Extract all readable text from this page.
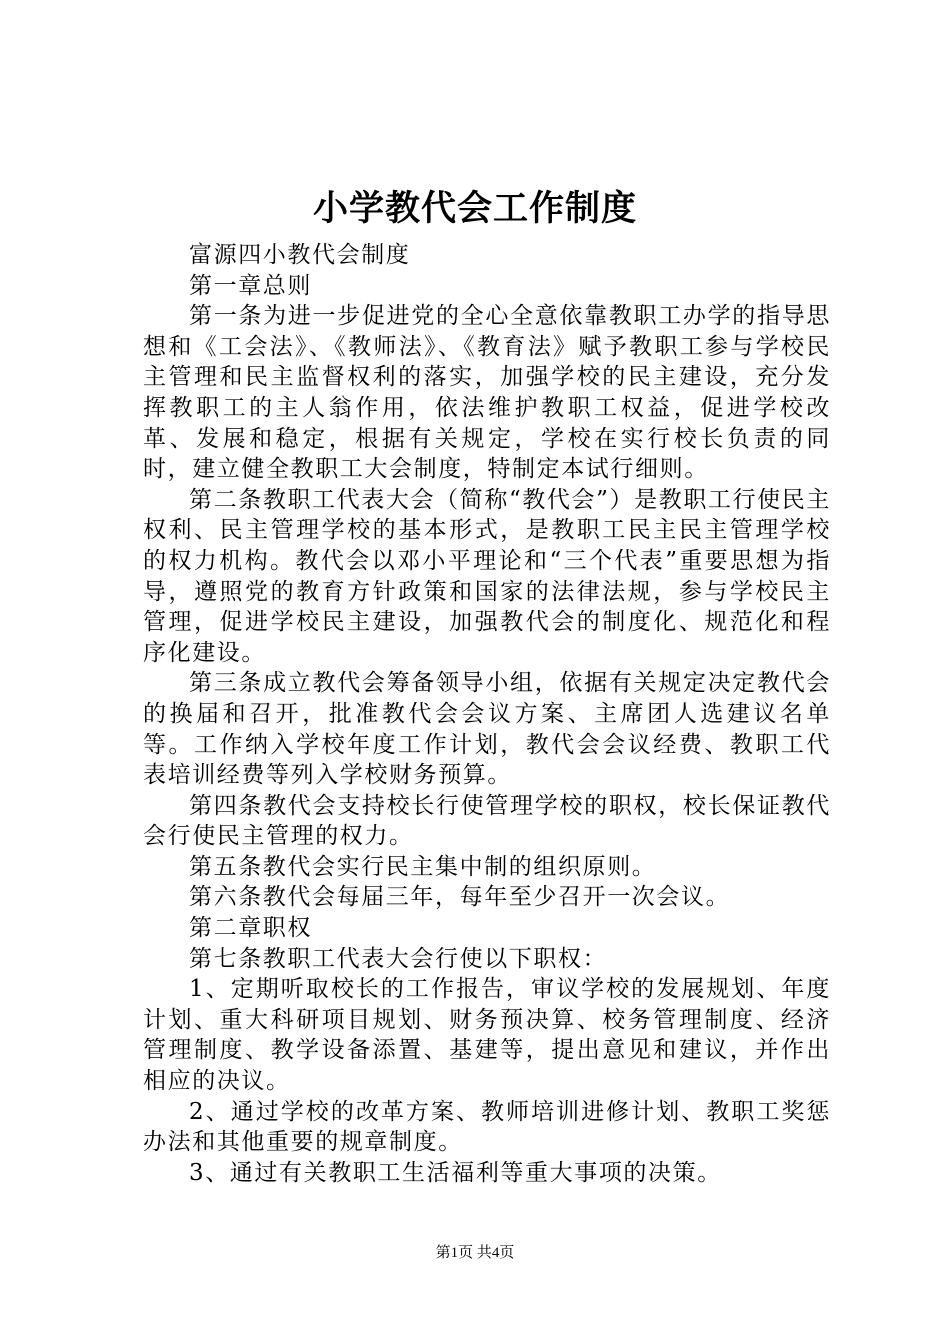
小学教代会工作制度

富源四小教代会制度

第一章总则

第一条为进一步促进党的全心全意依靠教职工办学的指导思想和《工会法》、《教师法》、《教育法》赋予教职工参与学校民主管理和民主监督权利的落实，加强学校的民主建设，充分发挥教职工的主人翁作用，依法维护教职工权益，促进学校改革、发展和稳定，根据有关规定，学校在实行校长负责的同时，建立健全教职工大会制度，特制定本试行细则。

第二条教职工代表大会（简称“教代会”）是教职工行使民主权利、民主管理学校的基本形式，是教职工民主民主管理学校的权力机构。教代会以邓小平理论和“三个代表”重要思想为指导，遵照党的教育方针政策和国家的法律法规，参与学校民主管理，促进学校民主建设，加强教代会的制度化、规范化和程序化建设。

第三条成立教代会筹备领导小组，依据有关规定决定教代会的换届和召开，批准教代会会议方案、主席团人选建议名单等。工作纳入学校年度工作计划，教代会会议经费、教职工代表培训经费等列入学校财务预算。

第四条教代会支持校长行使管理学校的职权，校长保证教代会行使民主管理的权力。

第五条教代会实行民主集中制的组织原则。

第六条教代会每届三年，每年至少召开一次会议。

第二章职权

第七条教职工代表大会行使以下职权：

1、定期听取校长的工作报告，审议学校的发展规划、年度计划、重大科研项目规划、财务预决算、校务管理制度、经济管理制度、教学设备添置、基建等，提出意见和建议，并作出相应的决议。

2、通过学校的改革方案、教师培训进修计划、教职工奖惩办法和其他重要的规章制度。

3、通过有关教职工生活福利等重大事项的决策。

第1页 共4页
